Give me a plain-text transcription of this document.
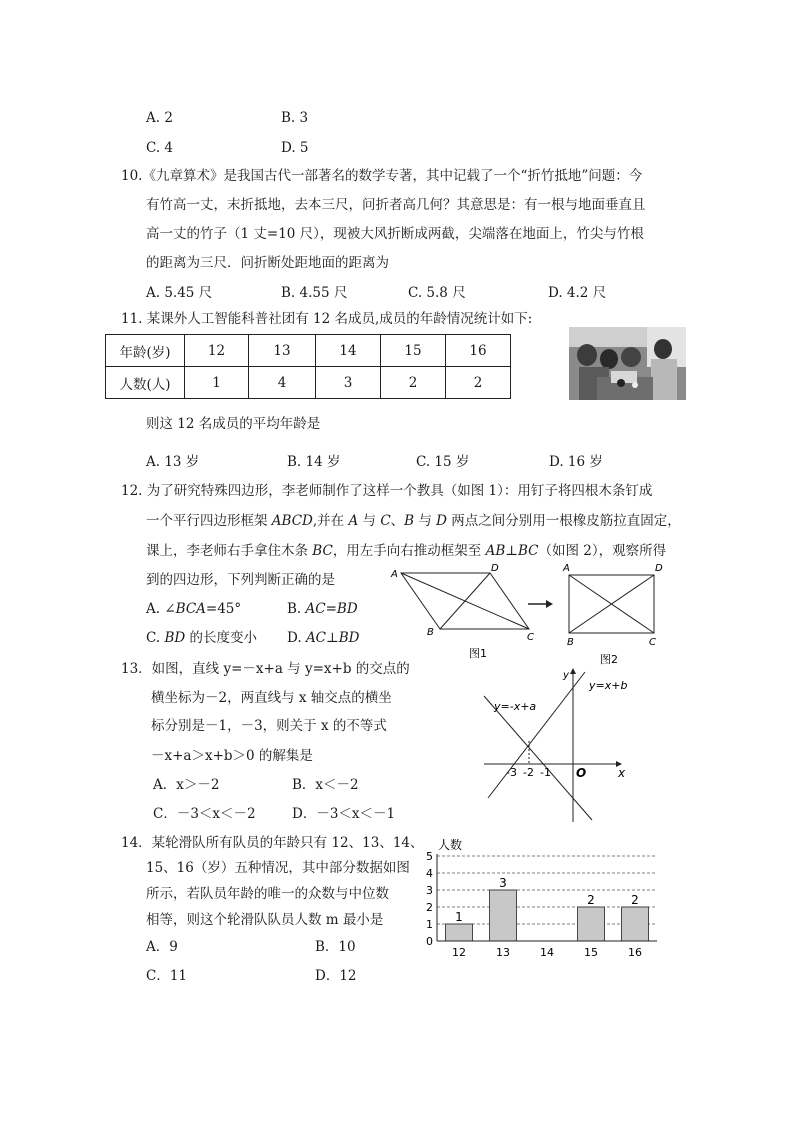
A. 2	B. 3
C. 4	D. 5
10.《九章算术》是我国古代一部著名的数学专著，其中记载了一个“折竹抵地”问题：今
有竹高一丈，末折抵地，去本三尺，问折者高几何？其意思是：有一根与地面垂直且
高一丈的竹子（1 丈=10 尺），现被大风折断成两截，尖端落在地面上，竹尖与竹根
的距离为三尺．问折断处距地面的距离为
A. 5.45 尺	B. 4.55 尺	C. 5.8 尺	D. 4.2 尺
11. 某课外人工智能科普社团有 12 名成员,成员的年龄情况统计如下:
年龄(岁)	12	13	14	15	16
人数(人)	1	4	3	2	2
则这 12 名成员的平均年龄是
A. 13 岁	B. 14 岁	C. 15 岁	D. 16 岁
12. 为了研究特殊四边形，李老师制作了这样一个教具（如图 1）：用钉子将四根木条钉成
一个平行四边形框架 ABCD,并在 A 与 C、B 与 D 两点之间分别用一根橡皮筋拉直固定，
课上，李老师右手拿住木条 BC，用左手向右推动框架至 AB⊥BC（如图 2），观察所得
到的四边形，下列判断正确的是
A. ∠BCA=45°	B. AC=BD
C. BD 的长度变小 D. AC⊥BD
A
D
B	C
图1
A	D
B	C
图2
13．如图，直线 y=－x+a 与 y=x+b 的交点的
横坐标为－2，两直线与 x 轴交点的横坐
标分别是－1，－3，则关于 x 的不等式
－x+a＞x+b＞0 的解集是
A．x＞－2	B．x＜－2
C．－3＜x＜－2	D．－3＜x＜－1
y=-x+a
y=x+b
y
x
O
-3 -2 -1
14．某轮滑队所有队员的年龄只有 12、13、14、
15、16（岁）五种情况，其中部分数据如图
所示，若队员年龄的唯一的众数与中位数
相等，则这个轮滑队队员人数 m 最小是
A．9	B．10
C．11	D．12
人数
0
1
2
3
4
5
12	13	14	15	16
1
3
2	2
